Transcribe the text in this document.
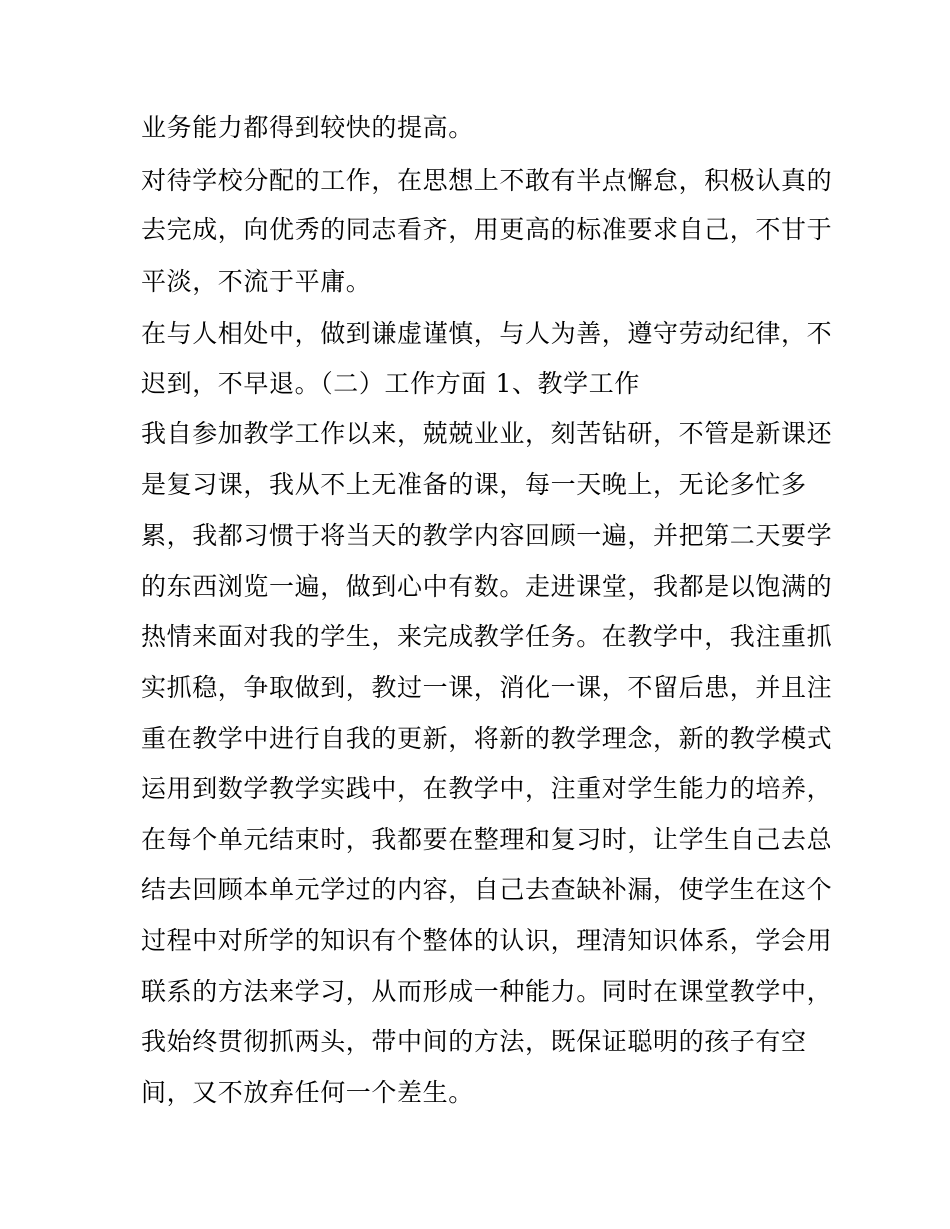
业务能力都得到较快的提高。
对待学校分配的工作，在思想上不敢有半点懈怠，积极认真的
去完成，向优秀的同志看齐，用更高的标准要求自己，不甘于
平淡，不流于平庸。
在与人相处中，做到谦虚谨慎，与人为善，遵守劳动纪律，不
迟到，不早退。（二）工作方面 1、教学工作
我自参加教学工作以来，兢兢业业，刻苦钻研，不管是新课还
是复习课，我从不上无准备的课，每一天晚上，无论多忙多
累，我都习惯于将当天的教学内容回顾一遍，并把第二天要学
的东西浏览一遍，做到心中有数。走进课堂，我都是以饱满的
热情来面对我的学生，来完成教学任务。在教学中，我注重抓
实抓稳，争取做到，教过一课，消化一课，不留后患，并且注
重在教学中进行自我的更新，将新的教学理念，新的教学模式
运用到数学教学实践中，在教学中，注重对学生能力的培养，
在每个单元结束时，我都要在整理和复习时，让学生自己去总
结去回顾本单元学过的内容，自己去查缺补漏，使学生在这个
过程中对所学的知识有个整体的认识，理清知识体系，学会用
联系的方法来学习，从而形成一种能力。同时在课堂教学中，
我始终贯彻抓两头，带中间的方法，既保证聪明的孩子有空
间，又不放弃任何一个差生。
